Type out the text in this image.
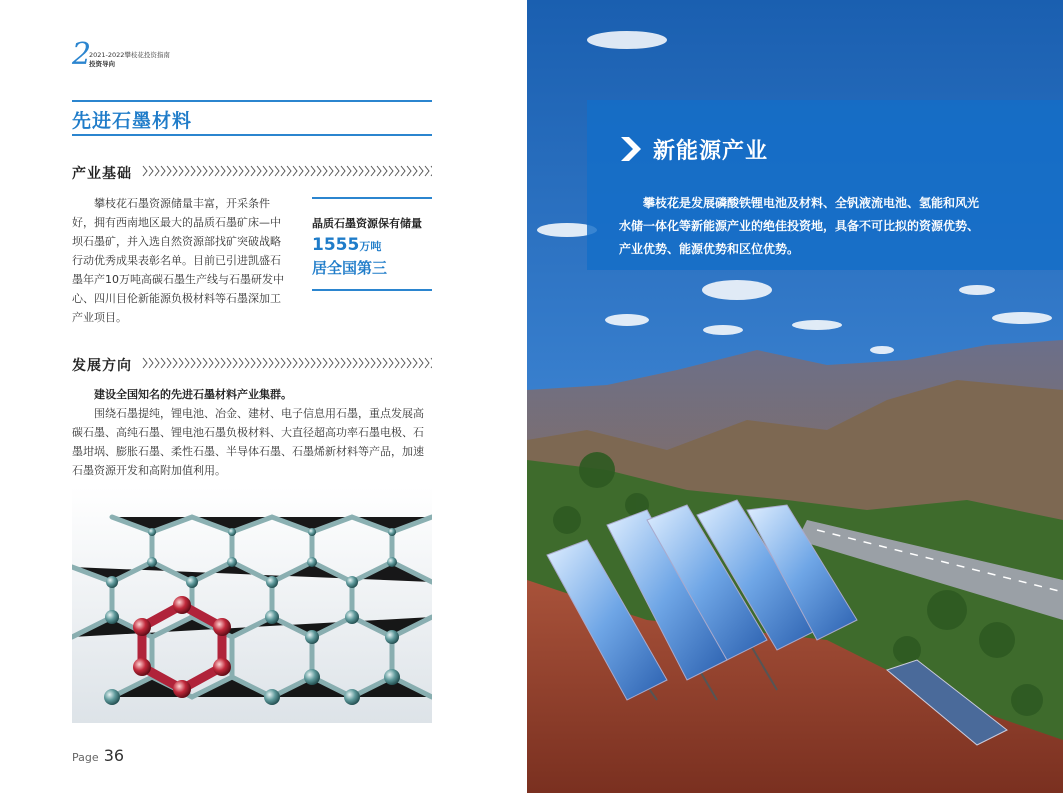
2
2021-2022攀枝花投资指南
投资导向
先进石墨材料
产业基础
攀枝花石墨资源储量丰富，开采条件好，拥有西南地区最大的晶质石墨矿床—中坝石墨矿，并入选自然资源部找矿突破战略行动优秀成果表彰名单。目前已引进凯盛石墨年产10万吨高碳石墨生产线与石墨研发中心、四川目伦新能源负极材料等石墨深加工产业项目。
晶质石墨资源保有储量
1555万吨
居全国第三
发展方向
建设全国知名的先进石墨材料产业集群。
围绕石墨提纯，锂电池、冶金、建材、电子信息用石墨，重点发展高碳石墨、高纯石墨、锂电池石墨负极材料、大直径超高功率石墨电极、石墨坩埚、膨胀石墨、柔性石墨、半导体石墨、石墨烯新材料等产品，加速石墨资源开发和高附加值利用。
Page 36
新能源产业
攀枝花是发展磷酸铁锂电池及材料、全钒液流电池、氢能和风光水储一体化等新能源产业的绝佳投资地，具备不可比拟的资源优势、产业优势、能源优势和区位优势。
